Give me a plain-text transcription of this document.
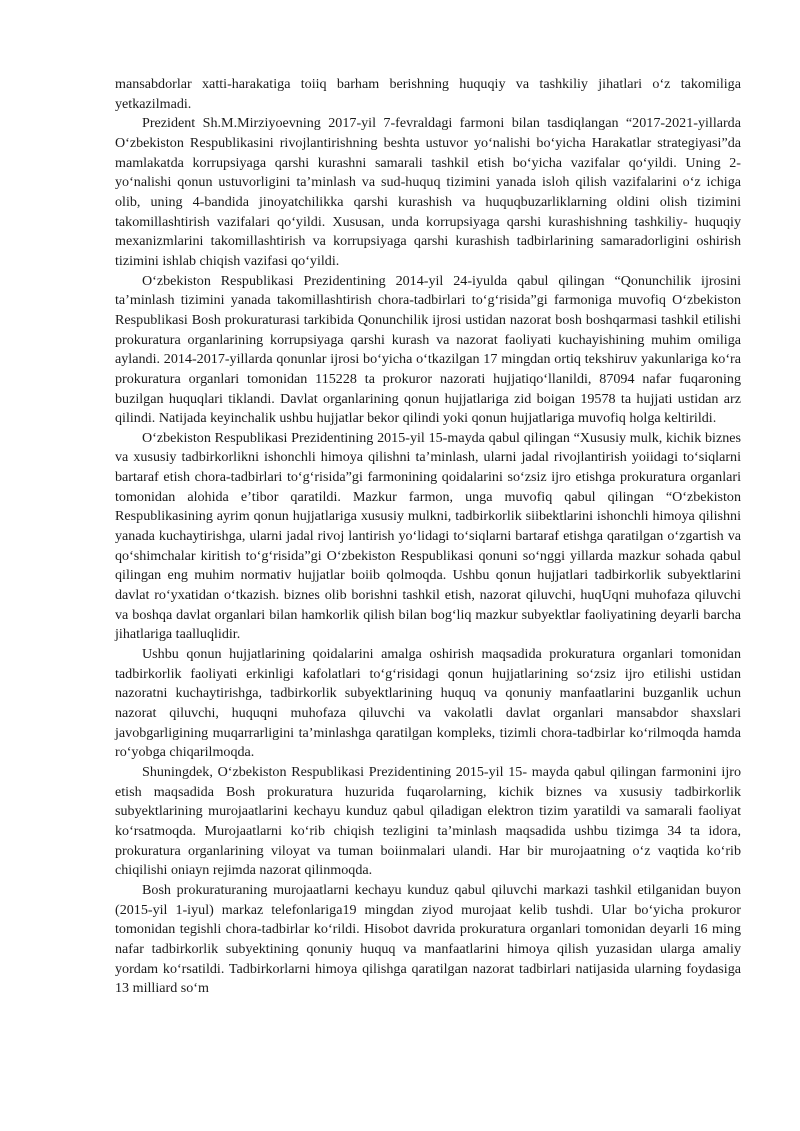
mansabdorlar xatti-harakatiga toiiq barham berishning huquqiy va tashkiliy jihatlari oʻz takomiliga yetkazilmadi.

Prezident Sh.M.Mirziyoevning 2017-yil 7-fevraldagi farmoni bilan tasdiqlangan “2017-2021-yillarda Oʻzbekiston Respublikasini rivojlantirishning beshta ustuvor yoʻnalishi boʻyicha Harakatlar strategiyasi”da mamlakatda korrupsiyaga qarshi kurashni samarali tashkil etish boʻyicha vazifalar qoʻyildi. Uning 2-yoʻnalishi qonun ustuvorligini taʼminlash va sud-huquq tizimini yanada isloh qilish vazifalarini oʻz ichiga olib, uning 4-bandida jinoyatchilikka qarshi kurashish va huquqbuzarliklarning oldini olish tizimini takomillashtirish vazifalari qoʻyildi. Xususan, unda korrupsiyaga qarshi kurashishning tashkiliy- huquqiy mexanizmlarini takomillashtirish va korrupsiyaga qarshi kurashish tadbirlarining samaradorligini oshirish tizimini ishlab chiqish vazifasi qoʻyildi.

Oʻzbekiston Respublikasi Prezidentining 2014-yil 24-iyulda qabul qilingan “Qonunchilik ijrosini taʼminlash tizimini yanada takomillashtirish chora-tadbirlari toʻgʻrisida”gi farmoniga muvofiq Oʻzbekiston Respublikasi Bosh prokuraturasi tarkibida Qonunchilik ijrosi ustidan nazorat bosh boshqarmasi tashkil etilishi prokuratura organlarining korrupsiyaga qarshi kurash va nazorat faoliyati kuchayishining muhim omiliga aylandi. 2014-2017-yillarda qonunlar ijrosi boʻyicha oʻtkazilgan 17 mingdan ortiq tekshiruv yakunlariga koʻra prokuratura organlari tomonidan 115228 ta prokuror nazorati hujjatiqoʻllanildi, 87094 nafar fuqaroning buzilgan huquqlari tiklandi. Davlat organlarining qonun hujjatlariga zid boigan 19578 ta hujjati ustidan arz qilindi. Natijada keyinchalik ushbu hujjatlar bekor qilindi yoki qonun hujjatlariga muvofiq holga keltirildi.

Oʻzbekiston Respublikasi Prezidentining 2015-yil 15-mayda qabul qilingan “Xususiy mulk, kichik biznes va xususiy tadbirkorlikni ishonchli himoya qilishni taʼminlash, ularni jadal rivojlantirish yoiidagi toʻsiqlarni bartaraf etish chora-tadbirlari toʻgʻrisida”gi farmonining qoidalarini soʻzsiz ijro etishga prokuratura organlari tomonidan alohida eʼtibor qaratildi. Mazkur farmon, unga muvofiq qabul qilingan “Oʻzbekiston Respublikasining ayrim qonun hujjatlariga xususiy mulkni, tadbirkorlik siibektlarini ishonchli himoya qilishni yanada kuchaytirishga, ularni jadal rivoj lantirish yoʻlidagi toʻsiqlarni bartaraf etishga qaratilgan oʻzgartish va qoʻshimchalar kiritish toʻgʻrisida”gi Oʻzbekiston Respublikasi qonuni soʻnggi yillarda mazkur sohada qabul qilingan eng muhim normativ hujjatlar boiib qolmoqda. Ushbu qonun hujjatlari tadbirkorlik subyektlarini davlat roʻyxatidan oʻtkazish. biznes olib borishni tashkil etish, nazorat qiluvchi, huqUqni muhofaza qiluvchi va boshqa davlat organlari bilan hamkorlik qilish bilan bogʻliq mazkur subyektlar faoliyatining deyarli barcha jihatlariga taalluqlidir.

Ushbu qonun hujjatlarining qoidalarini amalga oshirish maqsadida prokuratura organlari tomonidan tadbirkorlik faoliyati erkinligi kafolatlari toʻgʻrisidagi qonun hujjatlarining soʻzsiz ijro etilishi ustidan nazoratni kuchaytirishga, tadbirkorlik subyektlarining huquq va qonuniy manfaatlarini buzganlik uchun nazorat qiluvchi, huquqni muhofaza qiluvchi va vakolatli davlat organlari mansabdor shaxslari javobgarligining muqarrarligini taʼminlashga qaratilgan kompleks, tizimli chora-tadbirlar koʻrilmoqda hamda roʻyobga chiqarilmoqda.

Shuningdek, Oʻzbekiston Respublikasi Prezidentining 2015-yil 15- mayda qabul qilingan farmonini ijro etish maqsadida Bosh prokuratura huzurida fuqarolarning, kichik biznes va xususiy tadbirkorlik subyektlarining murojaatlarini kechayu kunduz qabul qiladigan elektron tizim yaratildi va samarali faoliyat koʻrsatmoqda. Murojaatlarni koʻrib chiqish tezligini taʼminlash maqsadida ushbu tizimga 34 ta idora, prokuratura organlarining viloyat va tuman boiinmalari ulandi. Har bir murojaatning oʻz vaqtida koʻrib chiqilishi oniayn rejimda nazorat qilinmoqda.

Bosh prokuraturaning murojaatlarni kechayu kunduz qabul qiluvchi markazi tashkil etilganidan buyon (2015-yil 1-iyul) markaz telefonlariga19 mingdan ziyod murojaat kelib tushdi. Ular boʻyicha prokuror tomonidan tegishli chora-tadbirlar koʻrildi. Hisobot davrida prokuratura organlari tomonidan deyarli 16 ming nafar tadbirkorlik subyektining qonuniy huquq va manfaatlarini himoya qilish yuzasidan ularga amaliy yordam koʻrsatildi. Tadbirkorlarni himoya qilishga qaratilgan nazorat tadbirlari natijasida ularning foydasiga 13 milliard soʻm
